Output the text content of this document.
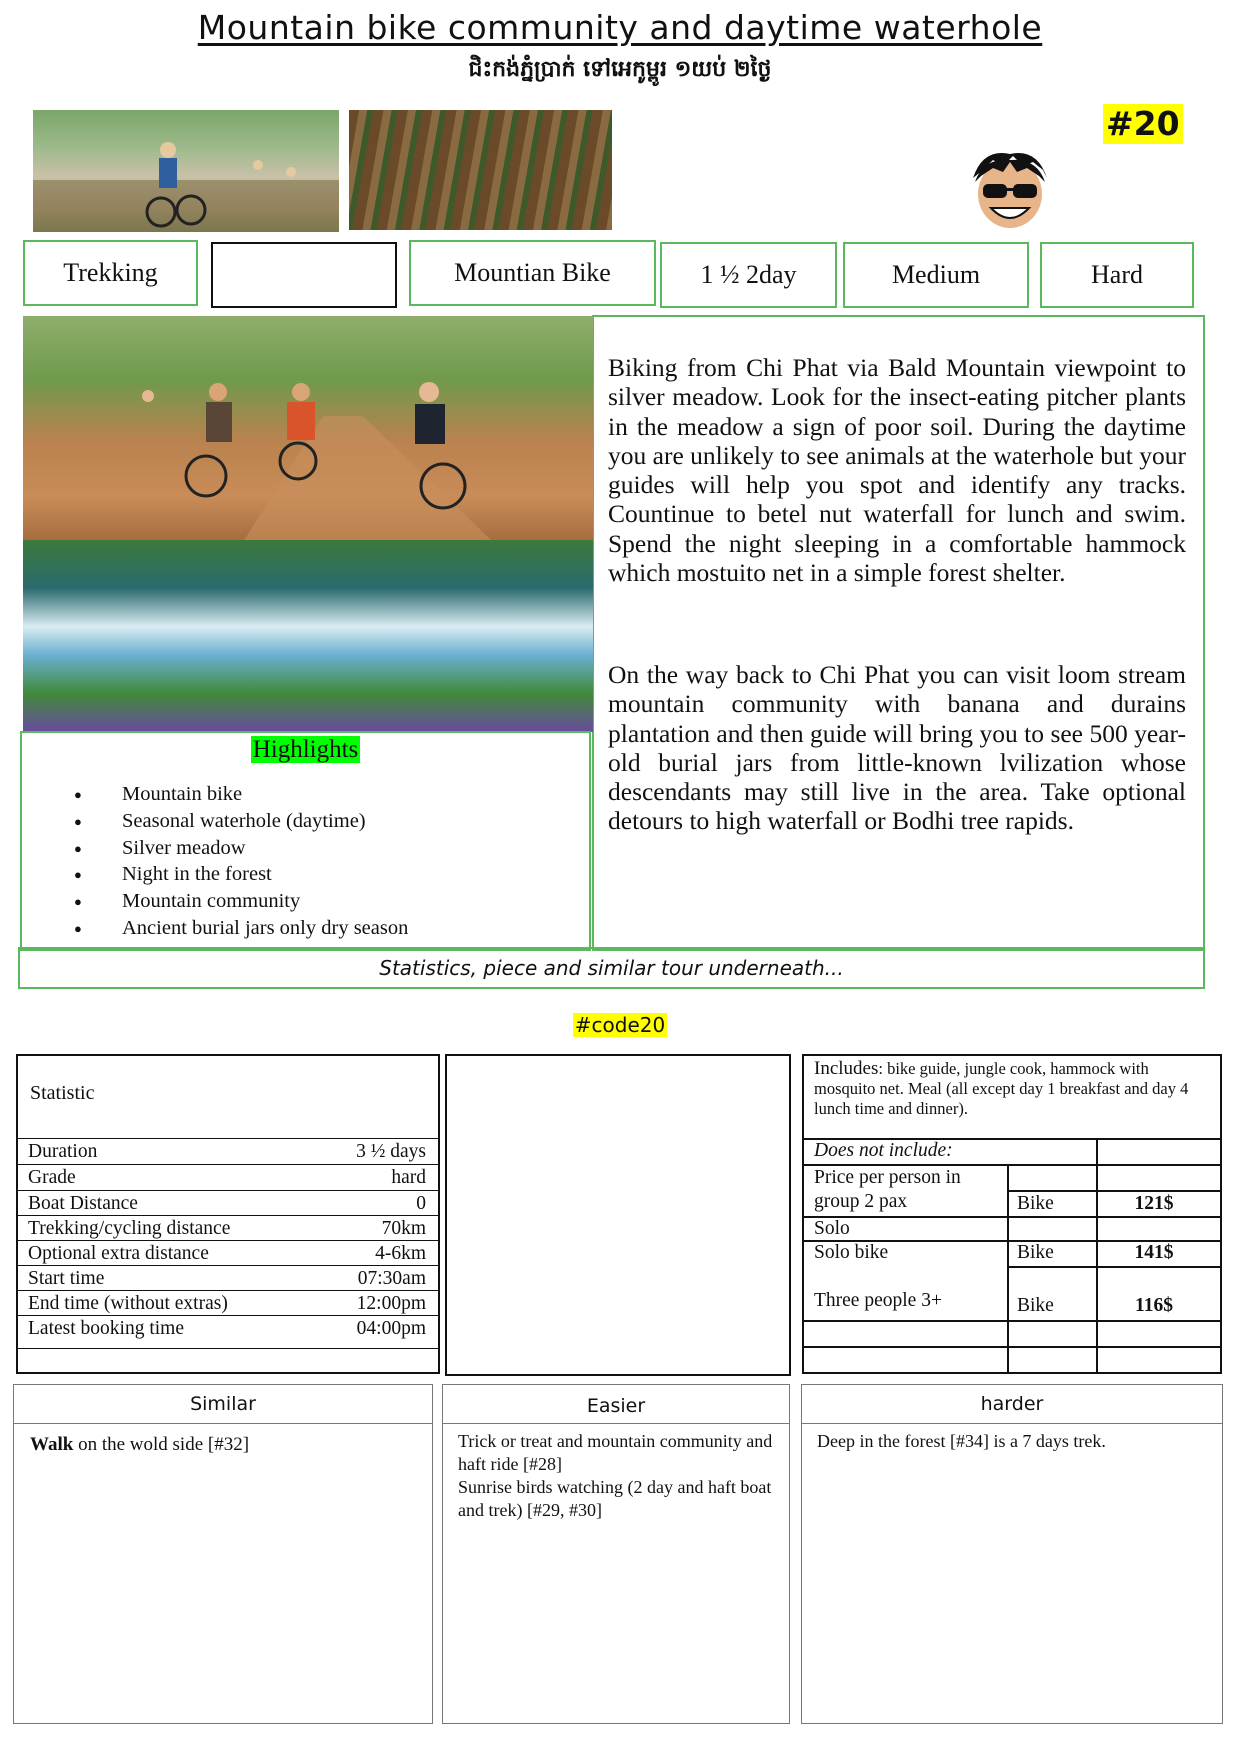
Mountain bike community and daytime waterhole
ជិះកង់ភ្នំប្រាក់ ទៅអេកូម្ពូរ ១យប់ ២ថ្ងៃ
#20
Trekking	Mountian Bike	1 ½ 2day	Medium	Hard
Biking from Chi Phat via Bald Mountain viewpoint to silver meadow. Look for the insect-eating pitcher plants in the meadow a sign of poor soil. During the daytime you are unlikely to see animals at the waterhole but your guides will help you spot and identify any tracks. Countinue to betel nut waterfall for lunch and swim. Spend the night sleeping in a comfortable hammock which mostuito net in a simple forest shelter.
On the way back to Chi Phat you can visit loom stream mountain community with banana and durains plantation and then guide will bring you to see 500 year-old burial jars from little-known lvilization whose descendants may still live in the area. Take optional detours to high waterfall or Bodhi tree rapids.
Highlights
● Mountain bike
● Seasonal waterhole (daytime)
● Silver meadow
● Night in the forest
● Mountain community
● Ancient burial jars only dry season
Statistics, piece and similar tour underneath...
#code20
Statistic
Duration	3 ½ days
Grade	hard
Boat Distance	0
Trekking/cycling distance	70km
Optional extra distance	4-6km
Start time	07:30am
End time (without extras)	12:00pm
Latest booking time	04:00pm
Includes: bike guide, jungle cook, hammock with mosquito net. Meal (all except day 1 breakfast and day 4 lunch time and dinner).
Does not include:
Price per person in group 2 pax	Bike	121$
Solo
Solo bike	Bike	141$
Three people 3+	Bike	116$
Similar
Walk on the wold side [#32]
Easier
Trick or treat and mountain community and haft ride [#28]
Sunrise birds watching (2 day and haft boat and trek) [#29, #30]
harder
Deep in the forest [#34] is a 7 days trek.
